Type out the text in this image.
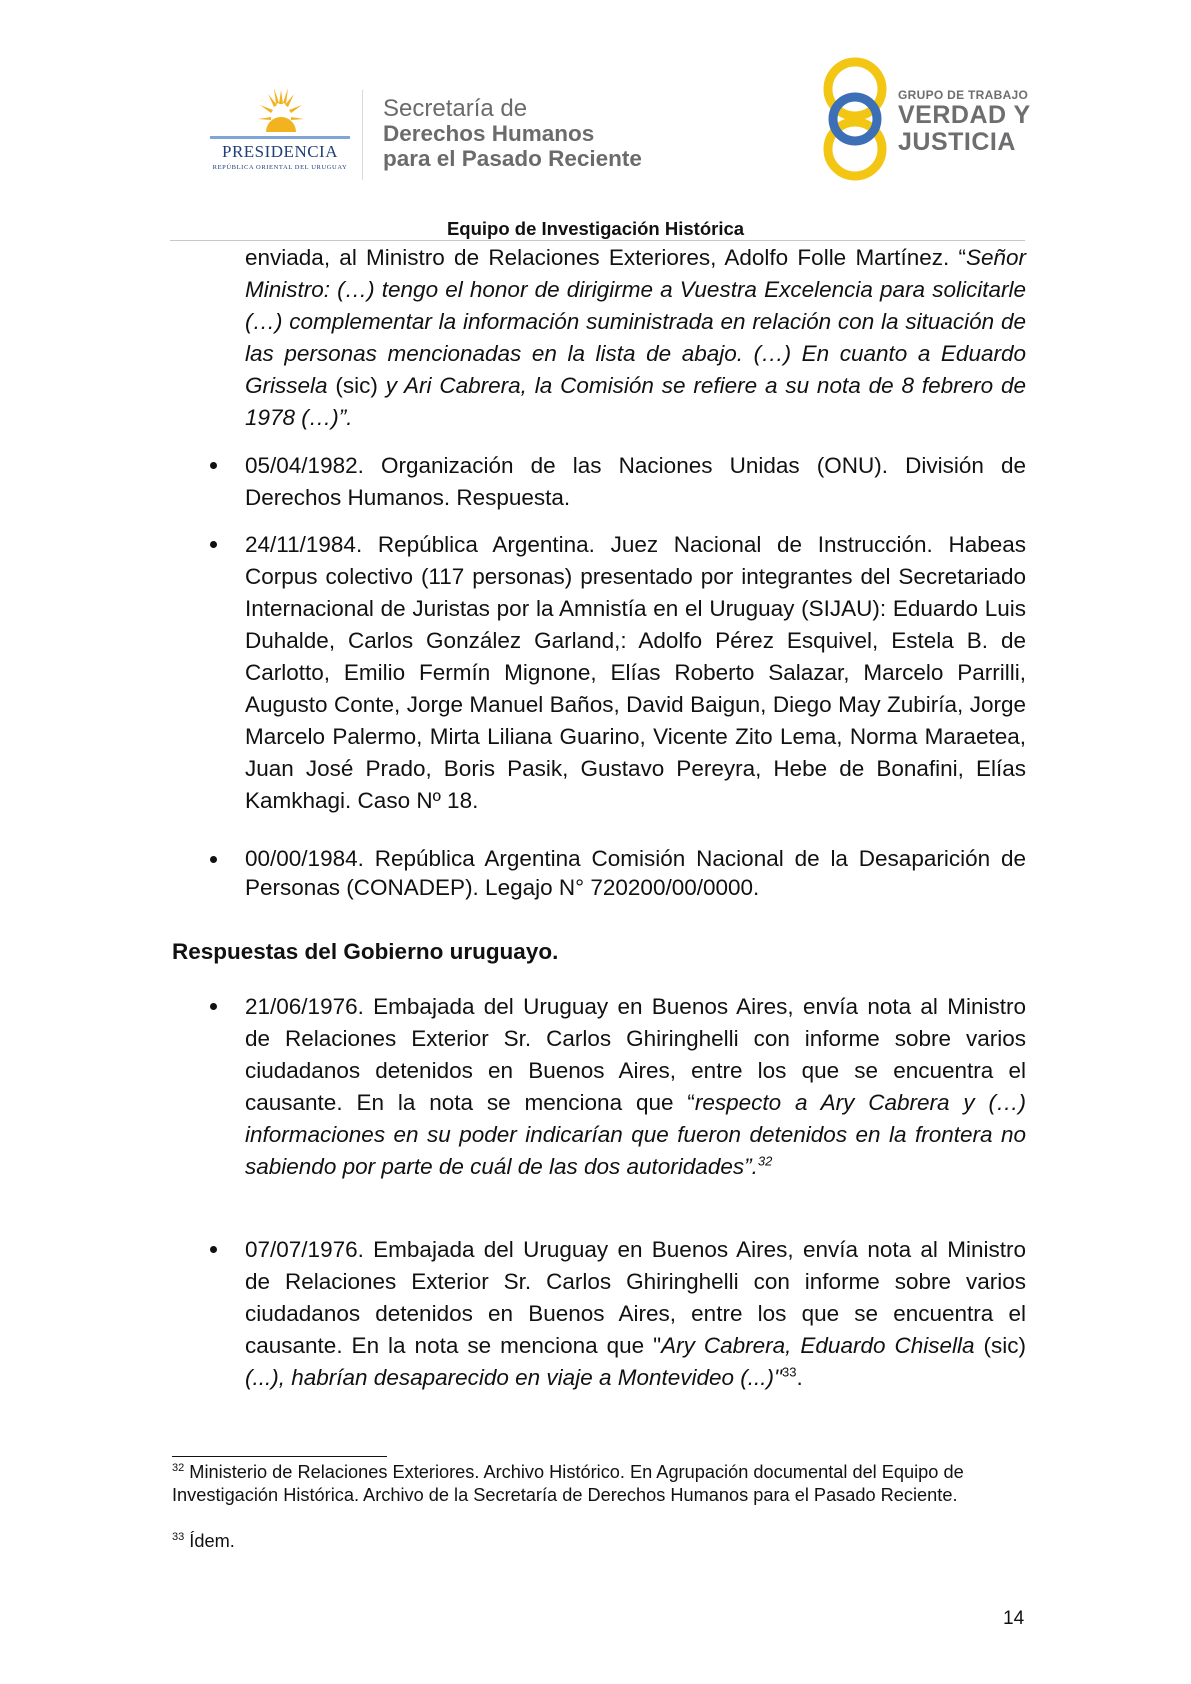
PRESIDENCIA
REPÚBLICA ORIENTAL DEL URUGUAY
Secretaría de
Derechos Humanos
para el Pasado Reciente
GRUPO DE TRABAJO
VERDAD Y
JUSTICIA
Equipo de Investigación Histórica
enviada, al Ministro de Relaciones Exteriores, Adolfo Folle Martínez. “Señor Ministro: (…) tengo el honor de dirigirme a Vuestra Excelencia para solicitarle (…) complementar la información suministrada en relación con la situación de las personas mencionadas en la lista de abajo. (…) En cuanto a Eduardo Grissela (sic) y Ari Cabrera, la Comisión se refiere a su nota de 8 febrero de 1978 (…)”.
05/04/1982. Organización de las Naciones Unidas (ONU). División de Derechos Humanos. Respuesta.
24/11/1984. República Argentina. Juez Nacional de Instrucción. Habeas Corpus colectivo (117 personas) presentado por integrantes del Secretariado Internacional de Juristas por la Amnistía en el Uruguay (SIJAU): Eduardo Luis Duhalde, Carlos González Garland,: Adolfo Pérez Esquivel, Estela B. de Carlotto, Emilio Fermín Mignone, Elías Roberto Salazar, Marcelo Parrilli, Augusto Conte, Jorge Manuel Baños, David Baigun, Diego May Zubiría, Jorge Marcelo Palermo, Mirta Liliana Guarino, Vicente Zito Lema, Norma Maraetea, Juan José Prado, Boris Pasik, Gustavo Pereyra, Hebe de Bonafini, Elías Kamkhagi. Caso Nº 18.
00/00/1984. República Argentina Comisión Nacional de la Desaparición de Personas (CONADEP). Legajo N° 720200/00/0000.
Respuestas del Gobierno uruguayo.
21/06/1976. Embajada del Uruguay en Buenos Aires, envía nota al Ministro de Relaciones Exterior Sr. Carlos Ghiringhelli con informe sobre varios ciudadanos detenidos en Buenos Aires, entre los que se encuentra el causante. En la nota se menciona que “respecto a Ary Cabrera y (…) informaciones en su poder indicarían que fueron detenidos en la frontera no sabiendo por parte de cuál de las dos autoridades”.$^{32}$
07/07/1976. Embajada del Uruguay en Buenos Aires, envía nota al Ministro de Relaciones Exterior Sr. Carlos Ghiringhelli con informe sobre varios ciudadanos detenidos en Buenos Aires, entre los que se encuentra el causante. En la nota se menciona que "Ary Cabrera, Eduardo Chisella (sic) (...), habrían desaparecido en viaje a Montevideo (...)"$^{33}$.
$^{32}$ Ministerio de Relaciones Exteriores. Archivo Histórico. En Agrupación documental del Equipo de Investigación Histórica. Archivo de la Secretaría de Derechos Humanos para el Pasado Reciente.
$^{33}$ Ídem.
14
